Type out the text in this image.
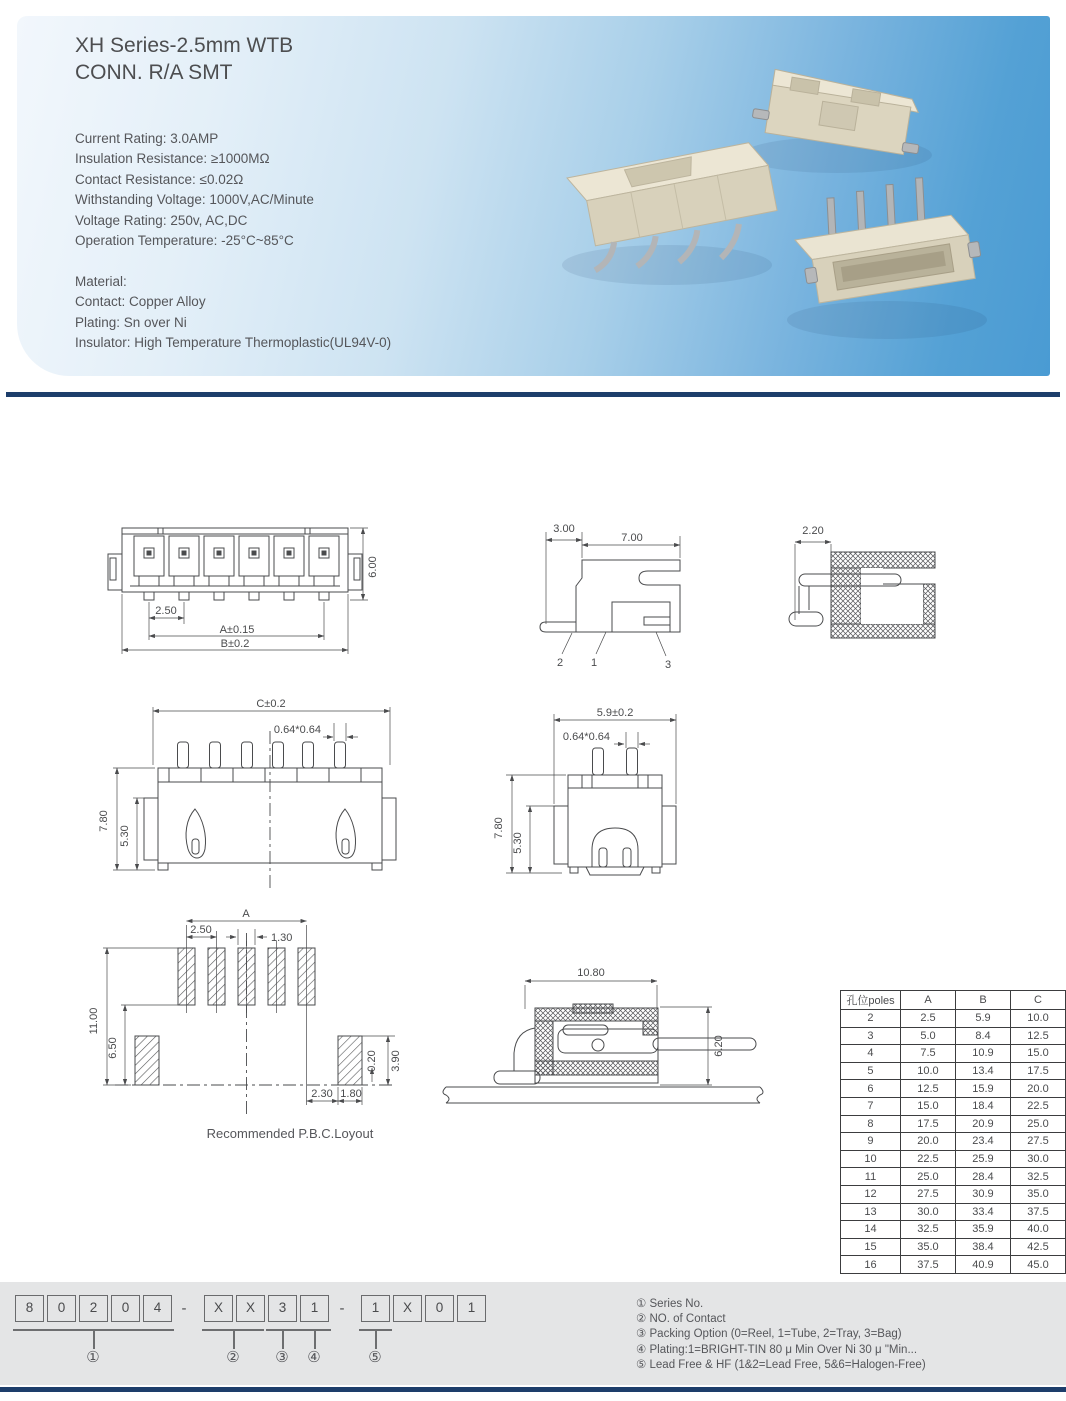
XH Series-2.5mm WTB
CONN. R/A SMT
Current Rating: 3.0AMP
Insulation Resistance: ≥1000MΩ
Contact Resistance: ≤0.02Ω
Withstanding Voltage: 1000V,AC/Minute
Voltage Rating: 250v, AC,DC
Operation Temperature: -25°C~85°C
Material:
Contact: Copper Alloy
Plating: Sn over Ni
Insulator: High Temperature Thermoplastic(UL94V-0)
2.50
A±0.15
B±0.2
6.00
3.00
7.00
2	1	3
2.20
C±0.2
0.64*0.64
7.80
5.30
5.9±0.2
0.64*0.64
7.80
5.30
A
2.50
1.30
11.00
6.50
0.20 3.90
2.30 1.80
Recommended P.B.C.Loyout
10.80
6.20
孔位poles	A	B	C
2	2.5	5.9	10.0
3	5.0	8.4	12.5
4	7.5	10.9	15.0
5	10.0	13.4	17.5
6	12.5	15.9	20.0
7	15.0	18.4	22.5
8	17.5	20.9	25.0
9	20.0	23.4	27.5
10	22.5	25.9	30.0
11	25.0	28.4	32.5
12	27.5	30.9	35.0
13	30.0	33.4	37.5
14	32.5	35.9	40.0
15	35.0	38.4	42.5
16	37.5	40.9	45.0
8	0	2	0	4	-	X	X	3	1	-	1	X	0	1
①	② ③ ④	⑤
① Series No.
② NO. of Contact
③ Packing Option (0=Reel, 1=Tube, 2=Tray, 3=Bag)
④ Plating:1=BRIGHT-TIN 80 μ Min Over Ni 30 μ "Min...
⑤ Lead Free & HF (1&2=Lead Free, 5&6=Halogen-Free)
